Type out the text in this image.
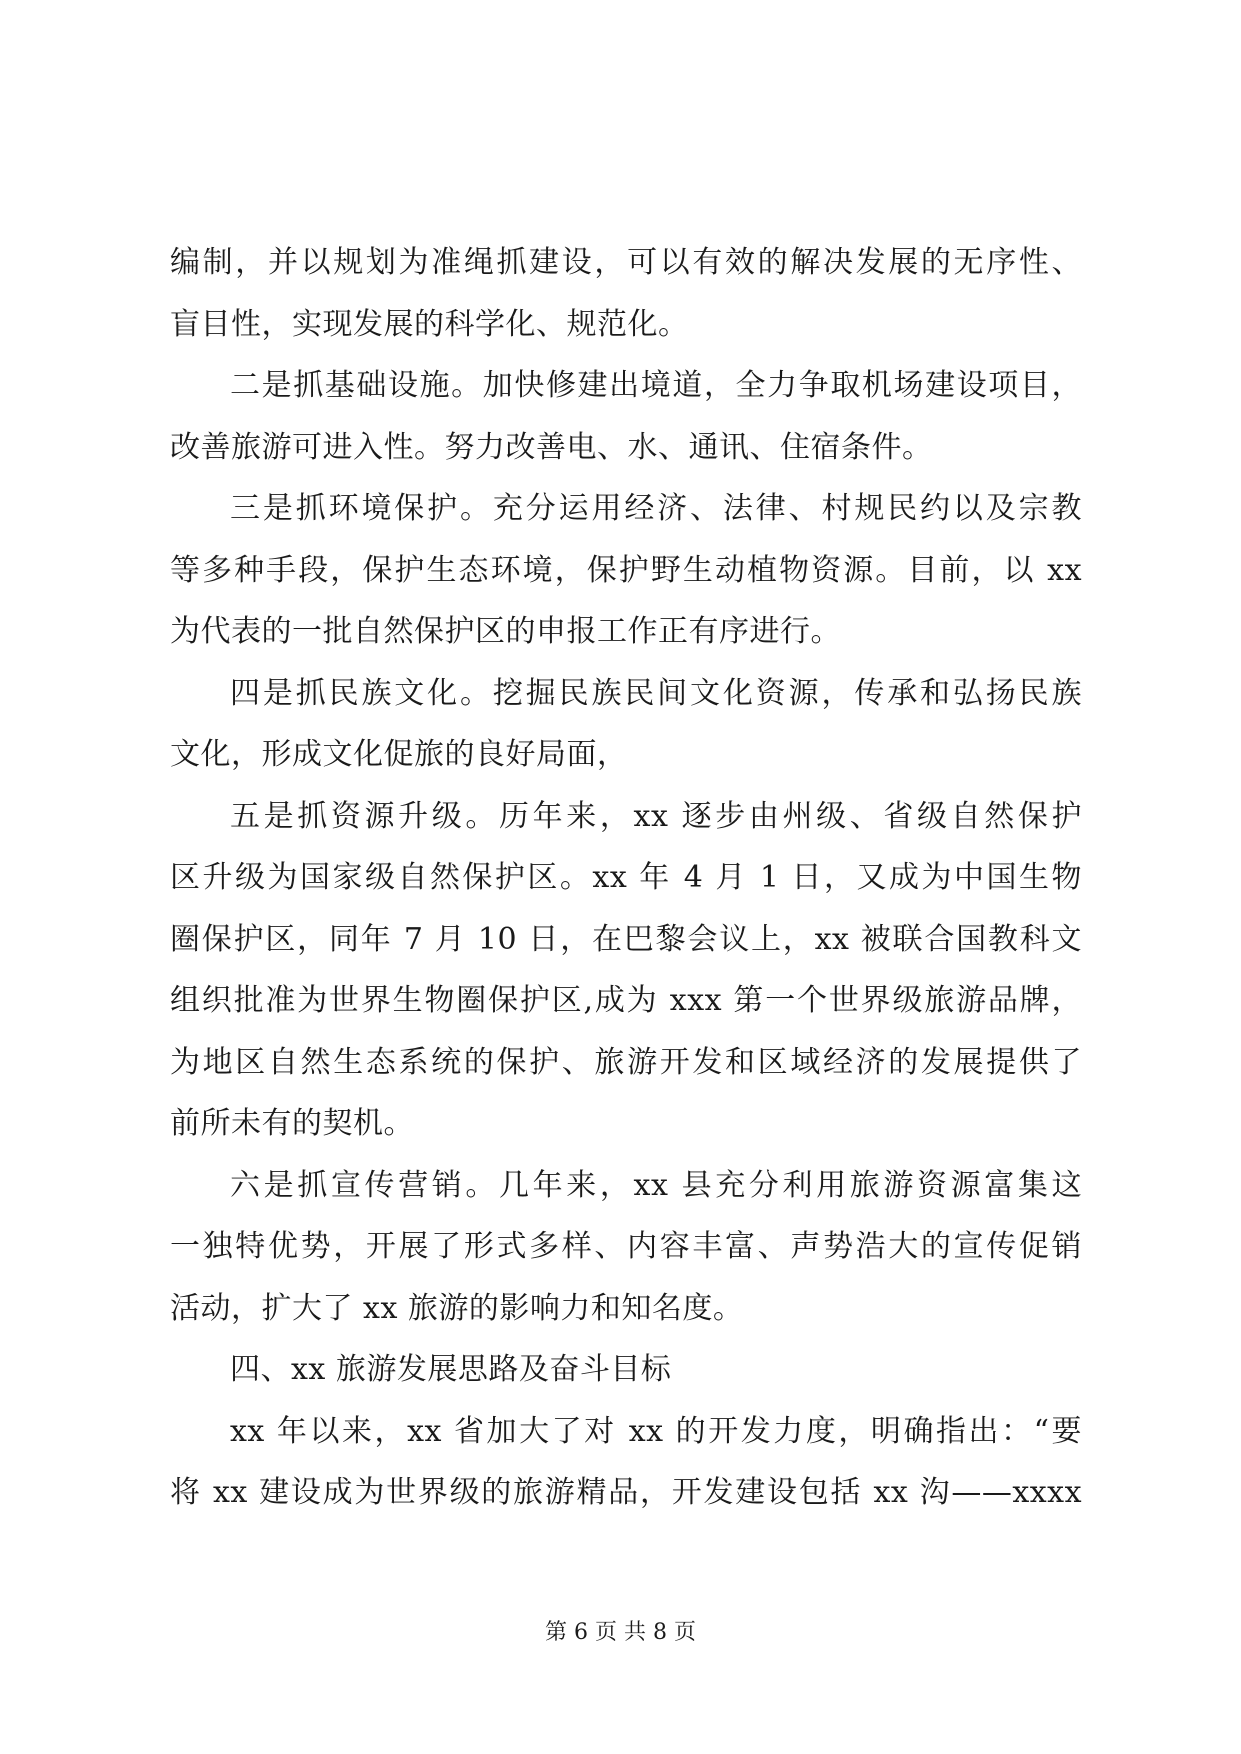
编制，并以规划为准绳抓建设，可以有效的解决发展的无序性、
盲目性，实现发展的科学化、规范化。
二是抓基础设施。加快修建出境道，全力争取机场建设项目，
改善旅游可进入性。努力改善电、水、通讯、住宿条件。
三是抓环境保护。充分运用经济、法律、村规民约以及宗教
等多种手段，保护生态环境，保护野生动植物资源。目前，以 xx
为代表的一批自然保护区的申报工作正有序进行。
四是抓民族文化。挖掘民族民间文化资源，传承和弘扬民族
文化，形成文化促旅的良好局面，
五是抓资源升级。历年来，xx 逐步由州级、省级自然保护
区升级为国家级自然保护区。xx 年 4 月 1 日，又成为中国生物
圈保护区，同年 7 月 10 日，在巴黎会议上，xx 被联合国教科文
组织批准为世界生物圈保护区,成为 xxx 第一个世界级旅游品牌，
为地区自然生态系统的保护、旅游开发和区域经济的发展提供了
前所未有的契机。
六是抓宣传营销。几年来，xx 县充分利用旅游资源富集这
一独特优势，开展了形式多样、内容丰富、声势浩大的宣传促销
活动，扩大了 xx 旅游的影响力和知名度。
四、xx 旅游发展思路及奋斗目标
xx 年以来，xx 省加大了对 xx 的开发力度，明确指出：“要
将 xx 建设成为世界级的旅游精品，开发建设包括 xx 沟——xxxx
第 6 页 共 8 页
